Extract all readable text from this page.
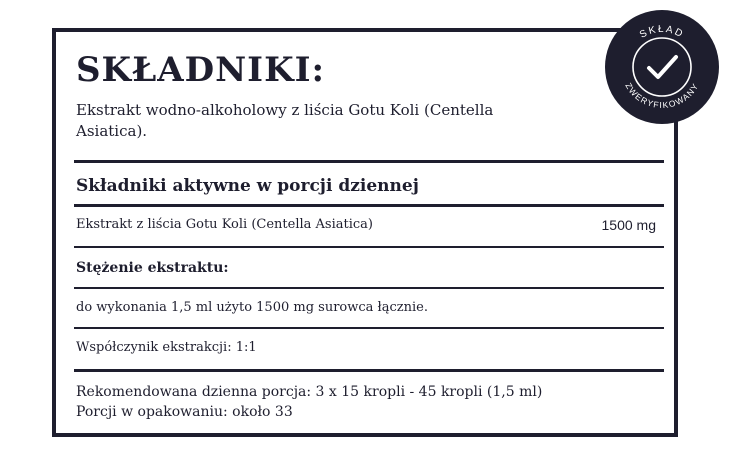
SKŁADNIKI:
Ekstrakt wodno-alkoholowy z liścia Gotu Koli (Centella Asiatica).
Składniki aktywne w porcji dziennej
Ekstrakt z liścia Gotu Koli (Centella Asiatica)	1500 mg
Stężenie ekstraktu:
do wykonania 1,5 ml użyto 1500 mg surowca łącznie.
Współczynik ekstrakcji: 1:1
Rekomendowana dzienna porcja: 3 x 15 kropli - 45 kropli (1,5 ml)
Porcji w opakowaniu: około 33
SKŁAD
ZWERYFIKOWANY
